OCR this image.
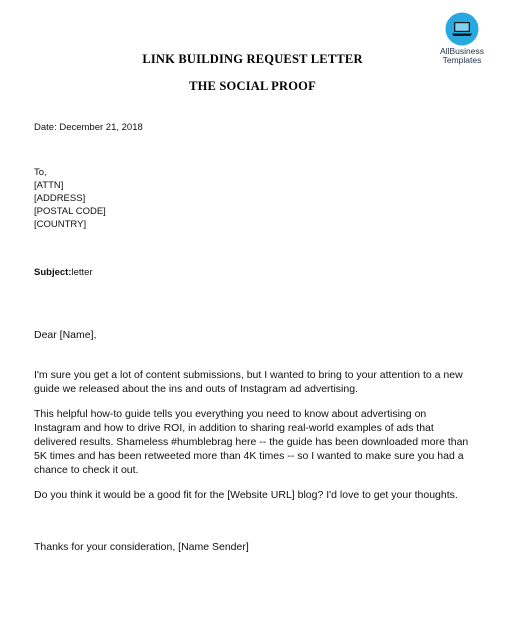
AllBusiness
Templates
LINK BUILDING REQUEST LETTER
THE SOCIAL PROOF
Date: December 21, 2018
To,
[ATTN]
[ADDRESS]
[POSTAL CODE]
[COUNTRY]
Subject:letter
Dear [Name],
I'm sure you get a lot of content submissions, but I wanted to bring to your attention to a new guide we released about the ins and outs of Instagram ad advertising.
This helpful how-to guide tells you everything you need to know about advertising on Instagram and how to drive ROI, in addition to sharing real-world examples of ads that delivered results. Shameless #humblebrag here -- the guide has been downloaded more than 5K times and has been retweeted more than 4K times -- so I wanted to make sure you had a chance to check it out.
Do you think it would be a good fit for the [Website URL] blog? I'd love to get your thoughts.
Thanks for your consideration, [Name Sender]
